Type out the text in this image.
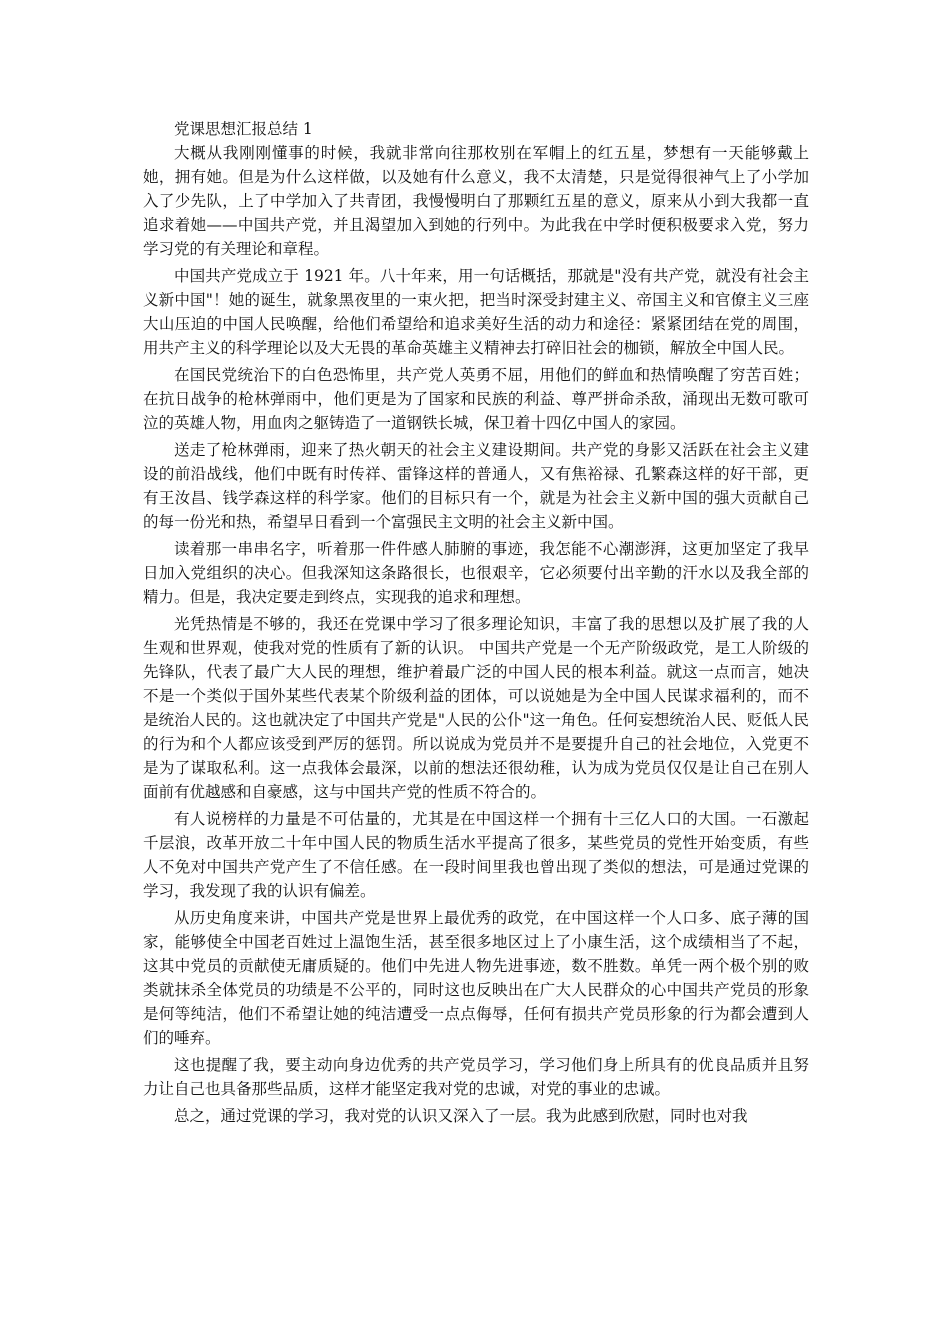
党课思想汇报总结 1

大概从我刚刚懂事的时候，我就非常向往那枚别在军帽上的红五星，梦想有一天能够戴上她，拥有她。但是为什么这样做，以及她有什么意义，我不太清楚，只是觉得很神气上了小学加入了少先队，上了中学加入了共青团，我慢慢明白了那颗红五星的意义，原来从小到大我都一直追求着她——中国共产党，并且渴望加入到她的行列中。为此我在中学时便积极要求入党，努力学习党的有关理论和章程。

中国共产党成立于 1921 年。八十年来，用一句话概括，那就是"没有共产党，就没有社会主义新中国"！她的诞生，就象黑夜里的一束火把，把当时深受封建主义、帝国主义和官僚主义三座大山压迫的中国人民唤醒，给他们希望给和追求美好生活的动力和途径：紧紧团结在党的周围，用共产主义的科学理论以及大无畏的革命英雄主义精神去打碎旧社会的枷锁，解放全中国人民。

在国民党统治下的白色恐怖里，共产党人英勇不屈，用他们的鲜血和热情唤醒了穷苦百姓；在抗日战争的枪林弹雨中，他们更是为了国家和民族的利益、尊严拼命杀敌，涌现出无数可歌可泣的英雄人物，用血肉之躯铸造了一道钢铁长城，保卫着十四亿中国人的家园。

送走了枪林弹雨，迎来了热火朝天的社会主义建设期间。共产党的身影又活跃在社会主义建设的前沿战线，他们中既有时传祥、雷锋这样的普通人，又有焦裕禄、孔繁森这样的好干部，更有王汝昌、钱学森这样的科学家。他们的目标只有一个，就是为社会主义新中国的强大贡献自己的每一份光和热，希望早日看到一个富强民主文明的社会主义新中国。

读着那一串串名字，听着那一件件感人肺腑的事迹，我怎能不心潮澎湃，这更加坚定了我早日加入党组织的决心。但我深知这条路很长，也很艰辛，它必须要付出辛勤的汗水以及我全部的精力。但是，我决定要走到终点，实现我的追求和理想。

光凭热情是不够的，我还在党课中学习了很多理论知识，丰富了我的思想以及扩展了我的人生观和世界观，使我对党的性质有了新的认识。 中国共产党是一个无产阶级政党，是工人阶级的先锋队，代表了最广大人民的理想，维护着最广泛的中国人民的根本利益。就这一点而言，她决不是一个类似于国外某些代表某个阶级利益的团体，可以说她是为全中国人民谋求福利的，而不是统治人民的。这也就决定了中国共产党是"人民的公仆"这一角色。任何妄想统治人民、贬低人民的行为和个人都应该受到严厉的惩罚。所以说成为党员并不是要提升自己的社会地位，入党更不是为了谋取私利。这一点我体会最深，以前的想法还很幼稚，认为成为党员仅仅是让自己在别人面前有优越感和自豪感，这与中国共产党的性质不符合的。

有人说榜样的力量是不可估量的，尤其是在中国这样一个拥有十三亿人口的大国。一石激起千层浪，改革开放二十年中国人民的物质生活水平提高了很多，某些党员的党性开始变质，有些人不免对中国共产党产生了不信任感。在一段时间里我也曾出现了类似的想法，可是通过党课的学习，我发现了我的认识有偏差。

从历史角度来讲，中国共产党是世界上最优秀的政党，在中国这样一个人口多、底子薄的国家，能够使全中国老百姓过上温饱生活，甚至很多地区过上了小康生活，这个成绩相当了不起，这其中党员的贡献使无庸质疑的。他们中先进人物先进事迹，数不胜数。单凭一两个极个别的败类就抹杀全体党员的功绩是不公平的，同时这也反映出在广大人民群众的心中国共产党员的形象是何等纯洁，他们不希望让她的纯洁遭受一点点侮辱，任何有损共产党员形象的行为都会遭到人们的唾弃。

这也提醒了我，要主动向身边优秀的共产党员学习，学习他们身上所具有的优良品质并且努力让自己也具备那些品质，这样才能坚定我对党的忠诚，对党的事业的忠诚。

总之，通过党课的学习，我对党的认识又深入了一层。我为此感到欣慰，同时也对我
